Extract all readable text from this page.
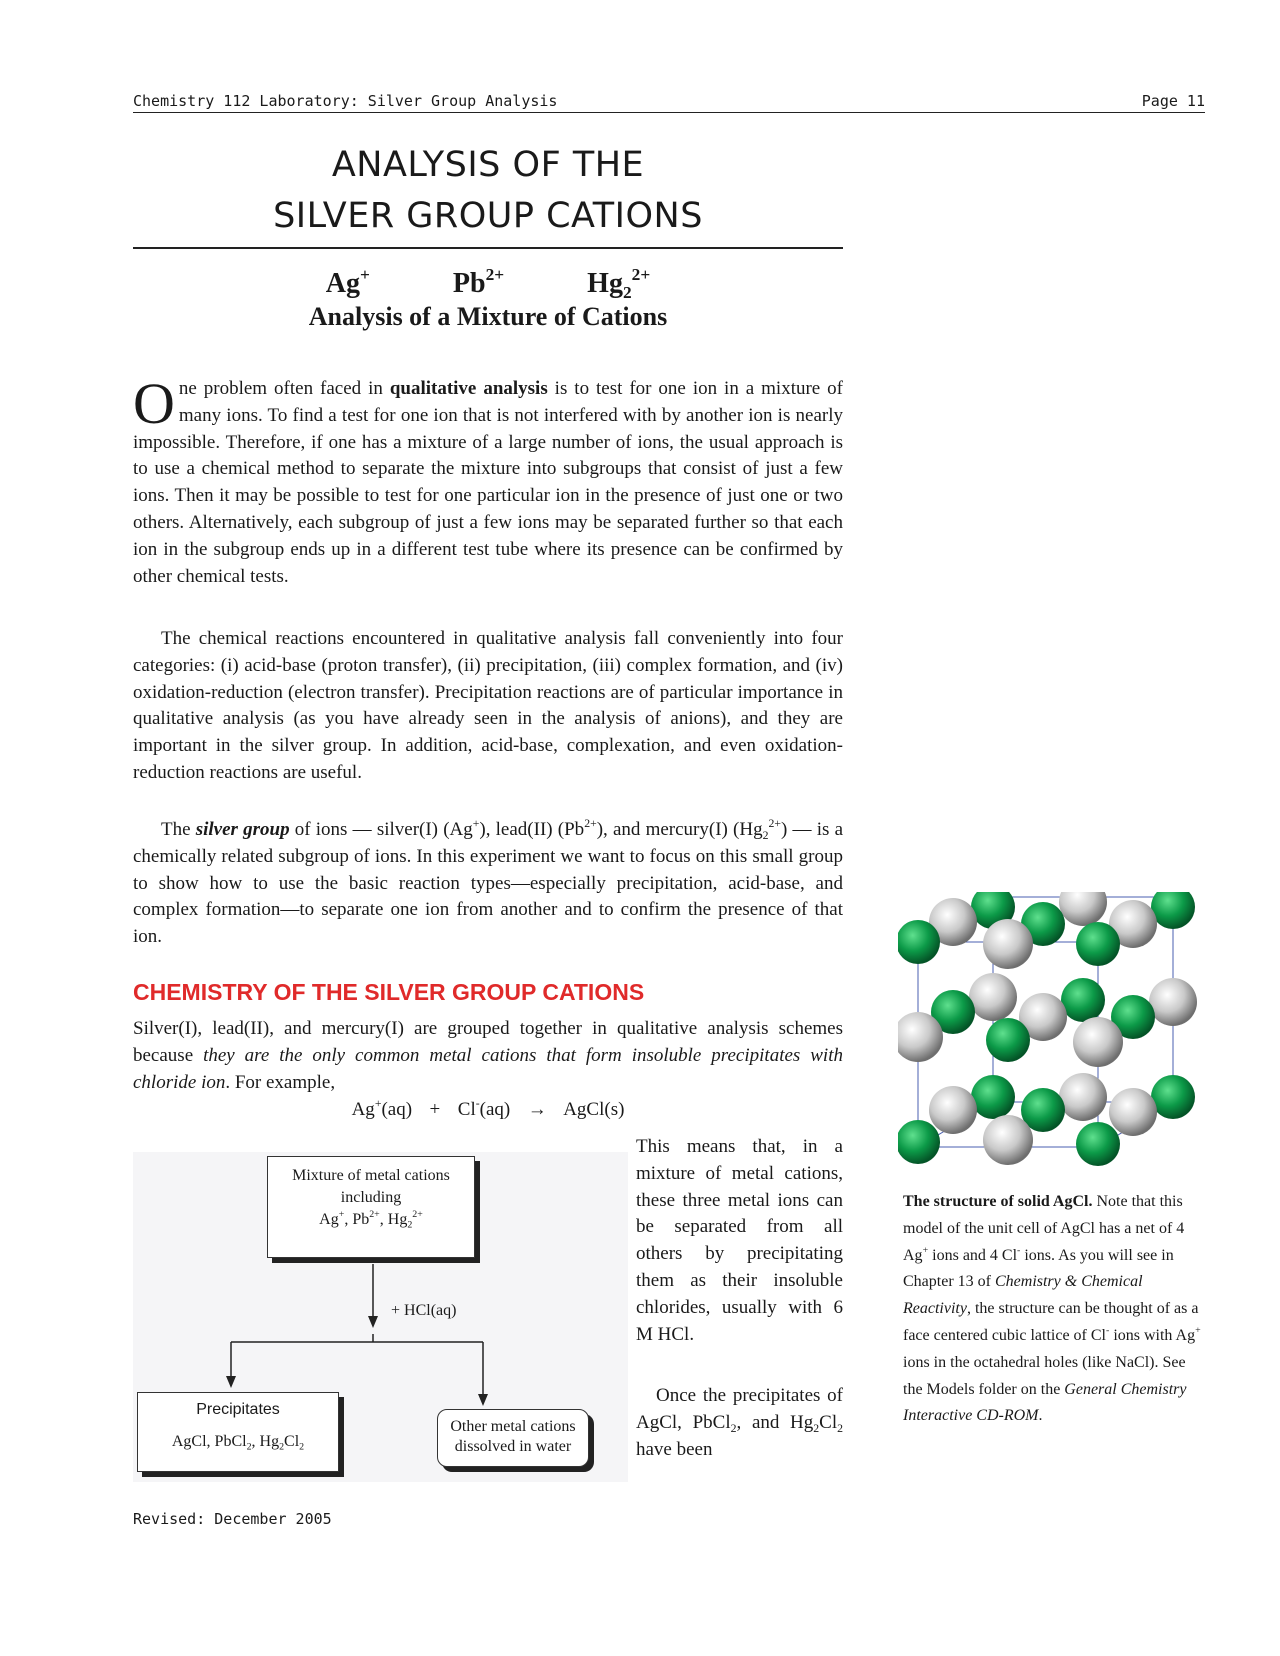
Chemistry 112 Laboratory: Silver Group Analysis	Page 11
ANALYSIS OF THE
SILVER GROUP CATIONS
Ag+	$Pb^{2+}$	$Hg_2^{2+}$
Analysis of a Mixture of Cations
One problem often faced in qualitative analysis is to test for one ion in a mixture of many ions. To find a test for one ion that is not interfered with by another ion is nearly impossible. Therefore, if one has a mixture of a large number of ions, the usual approach is to use a chemical method to separate the mixture into subgroups that consist of just a few ions. Then it may be possible to test for one particular ion in the presence of just one or two others. Alternatively, each subgroup of just a few ions may be separated further so that each ion in the subgroup ends up in a different test tube where its presence can be confirmed by other chemical tests.
The chemical reactions encountered in qualitative analysis fall conveniently into four categories: (i) acid-base (proton transfer), (ii) precipitation, (iii) complex formation, and (iv) oxidation-reduction (electron transfer). Precipitation reactions are of particular importance in qualitative analysis (as you have already seen in the analysis of anions), and they are important in the silver group. In addition, acid-base, complexation, and even oxidation-reduction reactions are useful.
The silver group of ions — silver(I) (Ag+), lead(II) $(Pb^{2+})$, and mercury(I) $(Hg_2^{2+})$ — is a chemically related subgroup of ions. In this experiment we want to focus on this small group to show how to use the basic reaction types—especially precipitation, acid-base, and complex formation—to separate one ion from another and to confirm the presence of that ion.
CHEMISTRY OF THE SILVER GROUP CATIONS
Silver(I), lead(II), and mercury(I) are grouped together in qualitative analysis schemes because they are the only common metal cations that form insoluble precipitates with chloride ion. For example,
Ag+(aq) + Cl-(aq) → AgCl(s)
Mixture of metal cations
including
Ag+, $Pb^{2+}$, $Hg_2^{2+}$
+ HCl(aq)
Precipitates
AgCl, PbCl$_2$, $Hg_2Cl_2$
Other metal cations
dissolved in water
This means that, in a mixture of metal cations, these three metal ions can be separated from all others by precipitating them as their insoluble chlorides, usually with 6 M HCl.
Once the precipitates of AgCl, PbCl$_2$, and $Hg_2Cl_2$ have been
The structure of solid AgCl. Note that this model of the unit cell of AgCl has a net of 4 Ag+ ions and 4 Cl- ions. As you will see in Chapter 13 of Chemistry & Chemical Reactivity, the structure can be thought of as a face centered cubic lattice of Cl- ions with Ag+ ions in the octahedral holes (like NaCl). See the Models folder on the General Chemistry Interactive CD-ROM.
Revised: December 2005
